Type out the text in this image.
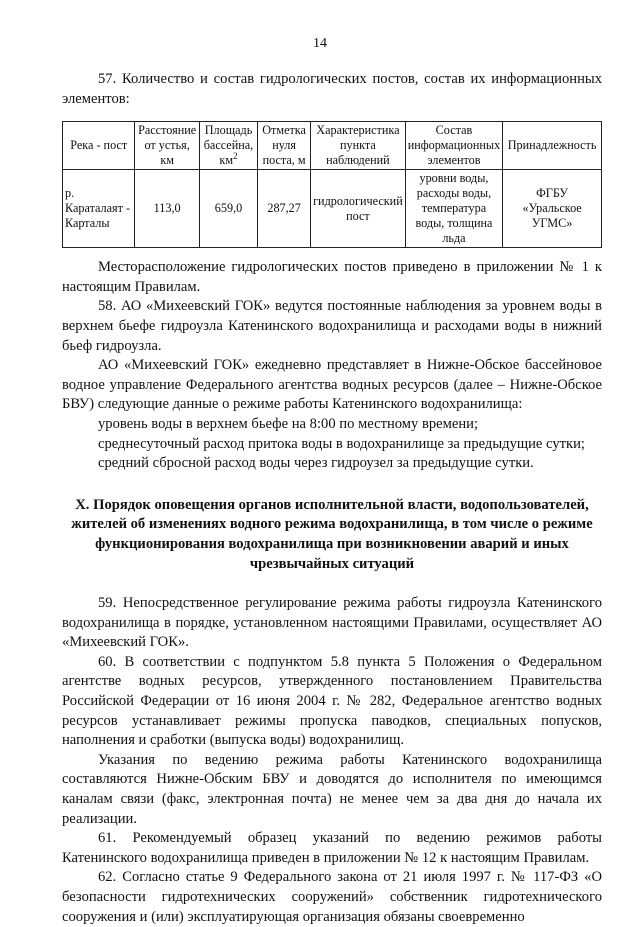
14

57. Количество и состав гидрологических постов, состав их информационных элементов:

Река - пост	Расстояние от устья, км	Площадь бассейна, $км^2$	Отметка нуля поста, м	Характеристика пункта наблюдений	Состав информационных элементов	Принадлежность
р. Караталаят - Карталы	113,0	659,0	287,27	гидрологический пост	уровни воды, расходы воды, температура воды, толщина льда	ФГБУ «Уральское УГМС»

Месторасположение гидрологических постов приведено в приложении № 1 к настоящим Правилам.

58. АО «Михеевский ГОК» ведутся постоянные наблюдения за уровнем воды в верхнем бьефе гидроузла Катенинского водохранилища и расходами воды в нижний бьеф гидроузла.

АО «Михеевский ГОК» ежедневно представляет в Нижне-Обское бассейновое водное управление Федерального агентства водных ресурсов (далее – Нижне-Обское БВУ) следующие данные о режиме работы Катенинского водохранилища:

уровень воды в верхнем бьефе на 8:00 по местному времени;

среднесуточный расход притока воды в водохранилище за предыдущие сутки;

средний сбросной расход воды через гидроузел за предыдущие сутки.

X. Порядок оповещения органов исполнительной власти, водопользователей, жителей об изменениях водного режима водохранилища, в том числе о режиме функционирования водохранилища при возникновении аварий и иных чрезвычайных ситуаций

59. Непосредственное регулирование режима работы гидроузла Катенинского водохранилища в порядке, установленном настоящими Правилами, осуществляет АО «Михеевский ГОК».

60. В соответствии с подпунктом 5.8 пункта 5 Положения о Федеральном агентстве водных ресурсов, утвержденного постановлением Правительства Российской Федерации от 16 июня 2004 г. № 282, Федеральное агентство водных ресурсов устанавливает режимы пропуска паводков, специальных попусков, наполнения и сработки (выпуска воды) водохранилищ.

Указания по ведению режима работы Катенинского водохранилища составляются Нижне-Обским БВУ и доводятся до исполнителя по имеющимся каналам связи (факс, электронная почта) не менее чем за два дня до начала их реализации.

61. Рекомендуемый образец указаний по ведению режимов работы Катенинского водохранилища приведен в приложении № 12 к настоящим Правилам.

62. Согласно статье 9 Федерального закона от 21 июля 1997 г. № 117-ФЗ «О безопасности гидротехнических сооружений» собственник гидротехнического сооружения и (или) эксплуатирующая организация обязаны своевременно
